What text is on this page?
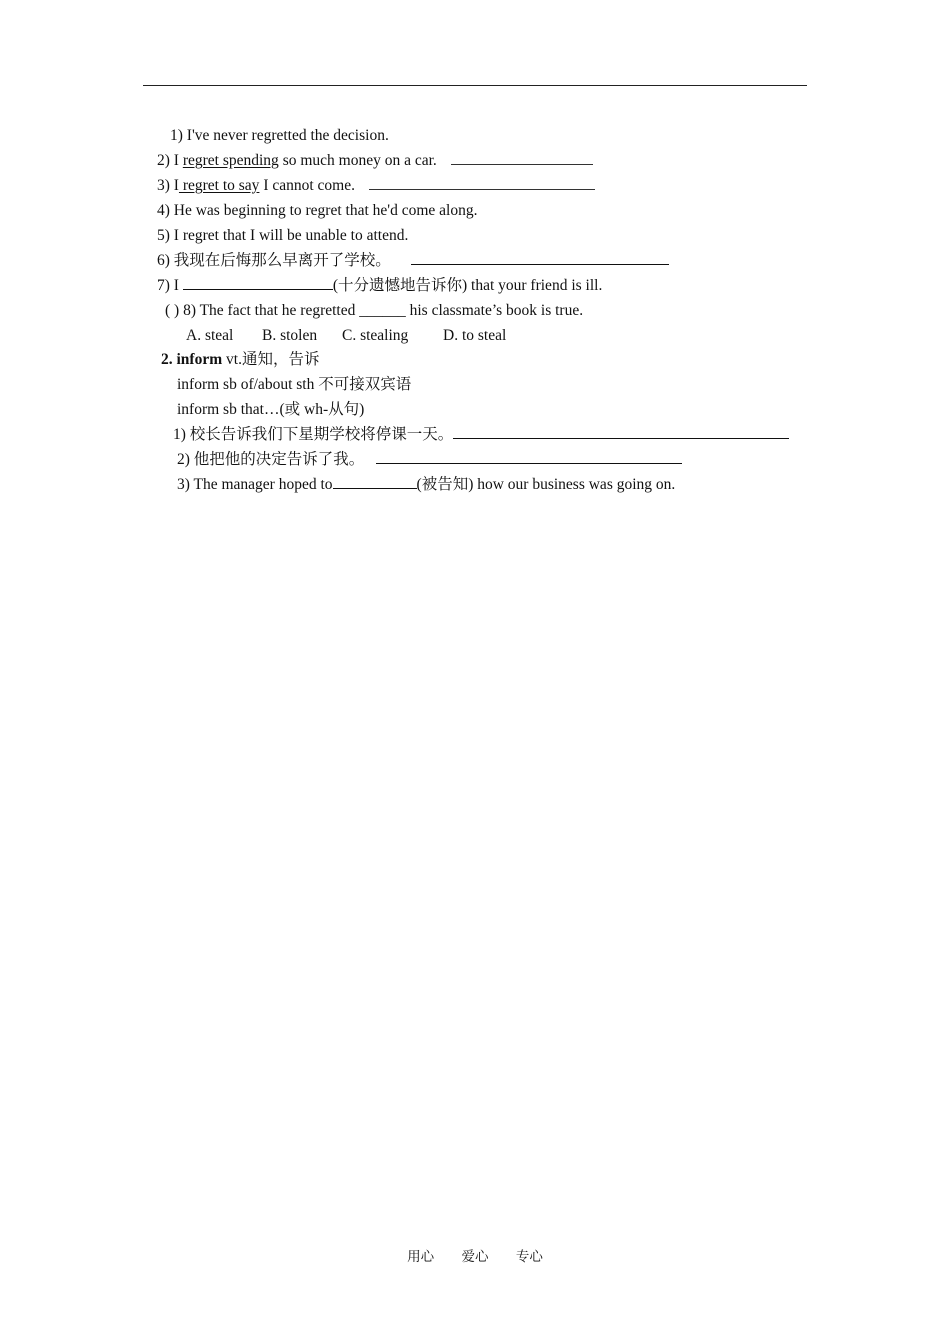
1) I've never regretted the decision.
2) I regret spending so much money on a car.
3) I regret to say I cannot come.
4) He was beginning to regret that he'd come along.
5) I regret that I will be unable to attend.
6) 我现在后悔那么早离开了学校。
7) I	(十分遗憾地告诉你) that your friend is ill.
( ) 8) The fact that he regretted ______ his classmate’s book is true.
A. steal B. stolen C. stealing D. to steal
2. inform vt.通知，告诉
inform sb of/about sth 不可接双宾语
inform sb that…(或 wh-从句)
1) 校长告诉我们下星期学校将停课一天。
2) 他把他的决定告诉了我。
3) The manager hoped to	(被告知) how our business was going on.
用心 爱心 专心
